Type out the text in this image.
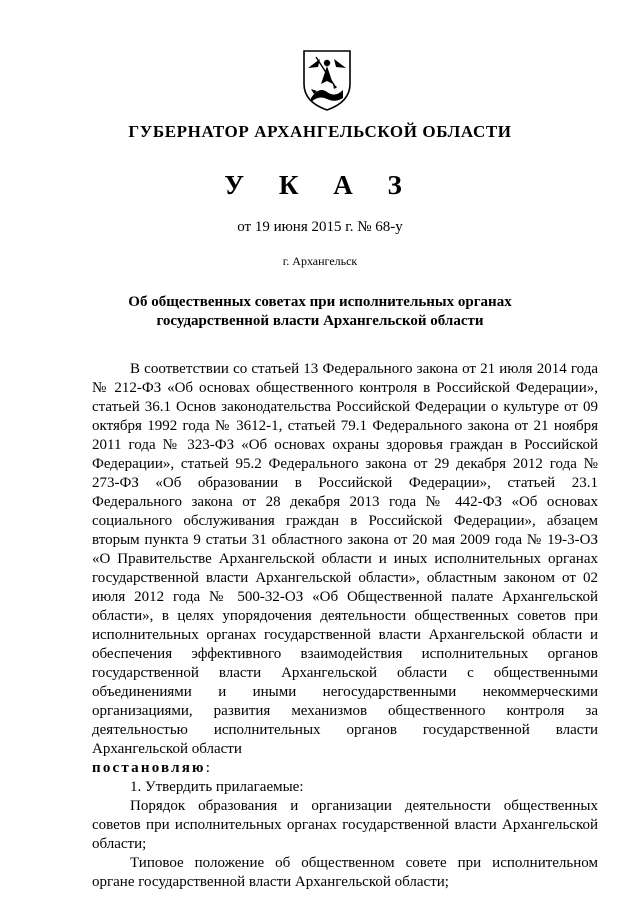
ГУБЕРНАТОР АРХАНГЕЛЬСКОЙ ОБЛАСТИ
У К А З
от 19 июня 2015 г. № 68-у
г. Архангельск
Об общественных советах при исполнительных органах
государственной власти Архангельской области

В соответствии со статьей 13 Федерального закона от 21 июля 2014 года № 212-ФЗ «Об основах общественного контроля в Российской Федерации», статьей 36.1 Основ законодательства Российской Федерации о культуре от 09 октября 1992 года № 3612-1, статьей 79.1 Федерального закона от 21 ноября 2011 года № 323-ФЗ «Об основах охраны здоровья граждан в Российской Федерации», статьей 95.2 Федерального закона от 29 декабря 2012 года № 273-ФЗ «Об образовании в Российской Федерации», статьей 23.1 Федерального закона от 28 декабря 2013 года № 442-ФЗ «Об основах социального обслуживания граждан в Российской Федерации», абзацем вторым пункта 9 статьи 31 областного закона от 20 мая 2009 года № 19-3-ОЗ «О Правительстве Архангельской области и иных исполнительных органах государственной власти Архангельской области», областным законом от 02 июля 2012 года № 500-32-ОЗ «Об Общественной палате Архангельской области», в целях упорядочения деятельности общественных советов при исполнительных органах государственной власти Архангельской области и обеспечения эффективного взаимодействия исполнительных органов государственной власти Архангельской области с общественными объединениями и иными негосударственными некоммерческими организациями, развития механизмов общественного контроля за деятельностью исполнительных органов государственной власти Архангельской области

постановляю:

1. Утвердить прилагаемые:

Порядок образования и организации деятельности общественных советов при исполнительных органах государственной власти Архангельской области;

Типовое положение об общественном совете при исполнительном органе государственной власти Архангельской области;
